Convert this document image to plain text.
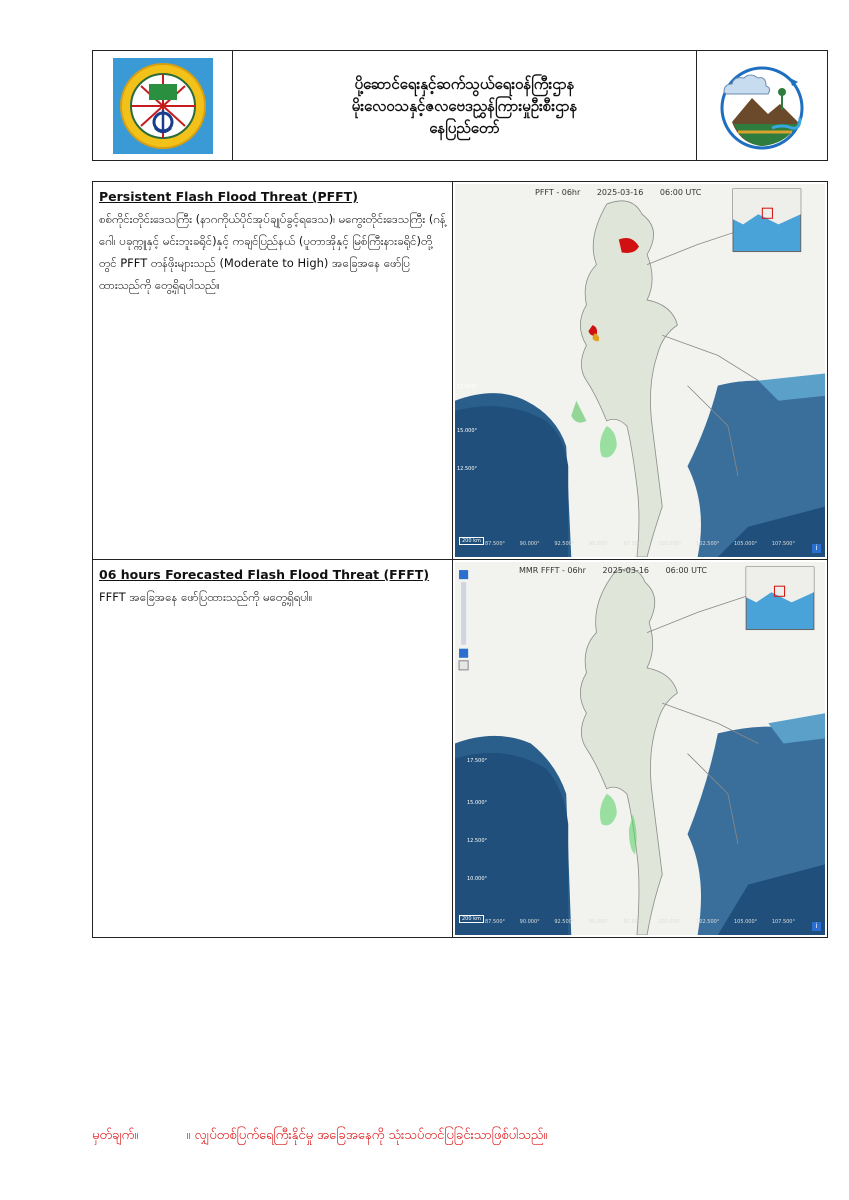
ပို့ဆောင်ရေးနှင့်ဆက်သွယ်ရေးဝန်ကြီးဌာန
မိုးလေဝသနှင့်ဇလဗေဒညွှန်ကြားမှုဦးစီးဌာန
နေပြည်တော်
Persistent Flash Flood Threat (PFFT)
စစ်ကိုင်းတိုင်းဒေသကြီး (နာဂကိုယ်ပိုင်အုပ်ချုပ်ခွင့်ရဒေသ)၊ မကွေးတိုင်းဒေသကြီး (ဂန့်ဂေါ၊ ပခုက္ကူနှင့် မင်းဘူးခရိုင်)နှင့် ကချင်ပြည်နယ် (ပူတာအိုနှင့် မြစ်ကြီးနားခရိုင်)တို့တွင် PFFT တန်ဖိုးများသည် (Moderate to High) အခြေအနေ ဖော်ပြထားသည်ကို တွေ့ရှိရပါသည်။
PFFT - 06hr 2025-03-16 06:00 UTC
17.500°
15.000°
12.500°
87.500°	90.000°	92.500°	95.000°	97.500°	100.000°	102.500°	105.000°	107.500°
200 km
i
06 hours Forecasted Flash Flood Threat (FFFT)
FFFT အခြေအနေ ဖော်ပြထားသည်ကို မတွေ့ရှိရပါ။
MMR FFFT - 06hr 2025-03-16 06:00 UTC
17.500°
15.000°
12.500°
10.000°
87.500°	90.000°	92.500°	95.000°	97.500°	100.000°	102.500°	105.000°	107.500°
200 km
i
မှတ်ချက်။	။ လျှပ်တစ်ပြက်ရေကြီးနိုင်မှု အခြေအနေကို သုံးသပ်တင်ပြခြင်းသာဖြစ်ပါသည်။
